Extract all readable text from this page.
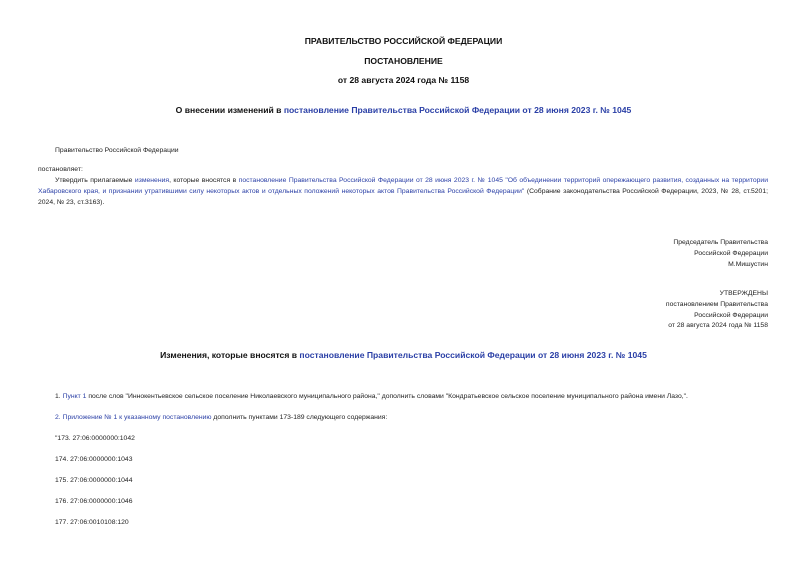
ПРАВИТЕЛЬСТВО РОССИЙСКОЙ ФЕДЕРАЦИИ
ПОСТАНОВЛЕНИЕ
от 28 августа 2024 года № 1158
О внесении изменений в постановление Правительства Российской Федерации от 28 июня 2023 г. № 1045
Правительство Российской Федерации
постановляет:
Утвердить прилагаемые изменения, которые вносятся в постановление Правительства Российской Федерации от 28 июня 2023 г. № 1045 "Об объединении территорий опережающего развития, созданных на территории Хабаровского края, и признании утратившими силу некоторых актов и отдельных положений некоторых актов Правительства Российской Федерации" (Собрание законодательства Российской Федерации, 2023, № 28, ст.5201; 2024, № 23, ст.3163).
Председатель Правительства
Российской Федерации
М.Мишустин
УТВЕРЖДЕНЫ
постановлением Правительства
Российской Федерации
от 28 августа 2024 года № 1158
Изменения, которые вносятся в постановление Правительства Российской Федерации от 28 июня 2023 г. № 1045
1. Пункт 1 после слов "Иннокентьевское сельское поселение Николаевского муниципального района," дополнить словами "Кондратьевское сельское поселение муниципального района имени Лазо,".
2. Приложение № 1 к указанному постановлению дополнить пунктами 173-189 следующего содержания:
"173. 27:06:0000000:1042
174. 27:06:0000000:1043
175. 27:06:0000000:1044
176. 27:06:0000000:1046
177. 27:06:0010108:120
